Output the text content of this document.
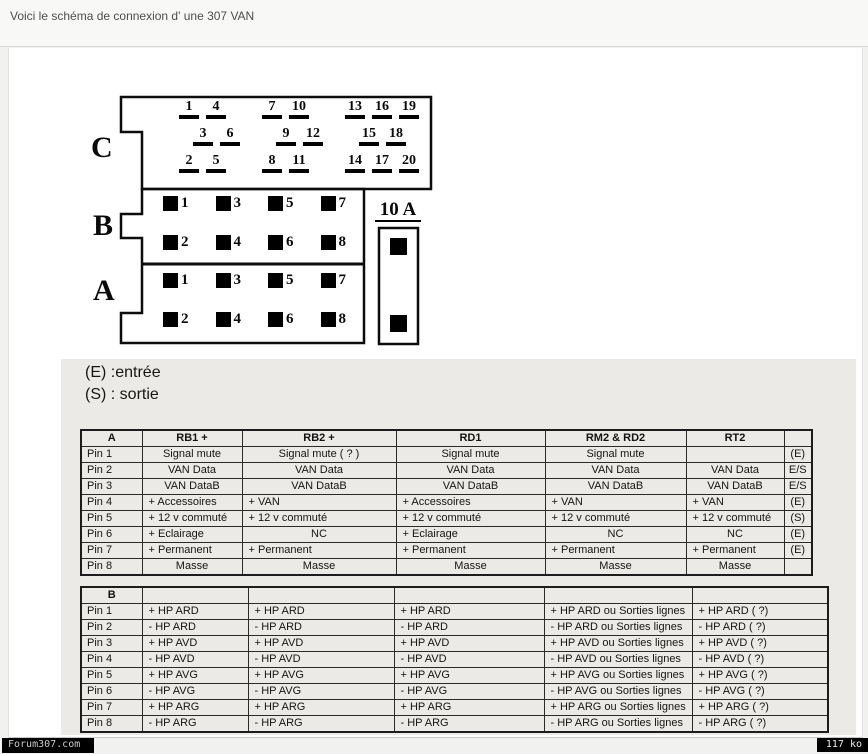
Voici le schéma de connexion d' une 307 VAN
C
B
A
1	4	7	10	13 16 19
3	6	9	12	15 18
2	5	8	11	14 17 20
1	3	5	7
2	4	6	8
1	3	5	7
2	4	6	8
10 A
(E) :entrée
(S) : sortie
A	RB1 +	RB2 +	RD1	RM2 & RD2	RT2	
Pin 1	Signal mute	Signal mute ( ? )	Signal mute	Signal mute		(E)
Pin 2	VAN Data	VAN Data	VAN Data	VAN Data	VAN Data	E/S
Pin 3	VAN DataB	VAN DataB	VAN DataB	VAN DataB	VAN DataB	E/S
Pin 4	+ Accessoires	+ VAN	+ Accessoires	+ VAN	+ VAN	(E)
Pin 5	+ 12 v commuté	+ 12 v commuté	+ 12 v commuté	+ 12 v commuté	+ 12 v commuté	(S)
Pin 6	+ Eclairage	NC	+ Eclairage	NC	NC	(E)
Pin 7	+ Permanent	+ Permanent	+ Permanent	+ Permanent	+ Permanent	(E)
Pin 8	Masse	Masse	Masse	Masse	Masse	
B					
Pin 1	+ HP ARD	+ HP ARD	+ HP ARD	+ HP ARD ou Sorties lignes	+ HP ARD ( ?)
Pin 2	- HP ARD	- HP ARD	- HP ARD	- HP ARD ou Sorties lignes	- HP ARD ( ?)
Pin 3	+ HP AVD	+ HP AVD	+ HP AVD	+ HP AVD ou Sorties lignes	+ HP AVD ( ?)
Pin 4	- HP AVD	- HP AVD	- HP AVD	- HP AVD ou Sorties lignes	- HP AVD ( ?)
Pin 5	+ HP AVG	+ HP AVG	+ HP AVG	+ HP AVG ou Sorties lignes	+ HP AVG ( ?)
Pin 6	- HP AVG	- HP AVG	- HP AVG	- HP AVG ou Sorties lignes	- HP AVG ( ?)
Pin 7	+ HP ARG	+ HP ARG	+ HP ARG	+ HP ARG ou Sorties lignes	+ HP ARG ( ?)
Pin 8	- HP ARG	- HP ARG	- HP ARG	- HP ARG ou Sorties lignes	- HP ARG ( ?)
Forum307.com	117 ko
